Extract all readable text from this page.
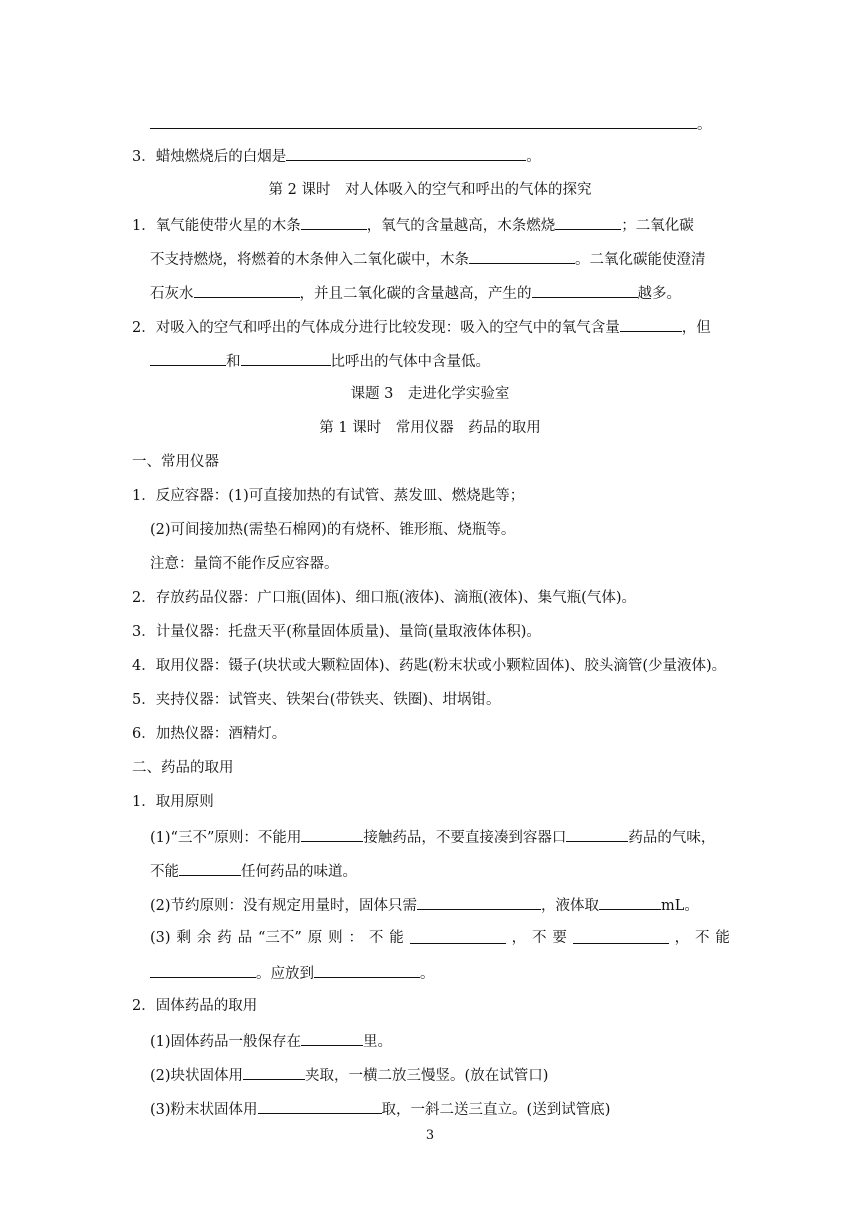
。
3．蜡烛燃烧后的白烟是	。
第 2 课时　对人体吸入的空气和呼出的气体的探究
1．氧气能使带火星的木条	，氧气的含量越高，木条燃烧	；二氧化碳
不支持燃烧，将燃着的木条伸入二氧化碳中，木条	。二氧化碳能使澄清
石灰水	，并且二氧化碳的含量越高，产生的	越多。
2．对吸入的空气和呼出的气体成分进行比较发现：吸入的空气中的氧气含量	，但
和	比呼出的气体中含量低。
课题 3　走进化学实验室
第 1 课时　常用仪器　药品的取用
一、常用仪器
1．反应容器：(1)可直接加热的有试管、蒸发皿、燃烧匙等；
(2)可间接加热(需垫石棉网)的有烧杯、锥形瓶、烧瓶等。
注意：量筒不能作反应容器。
2．存放药品仪器：广口瓶(固体)、细口瓶(液体)、滴瓶(液体)、集气瓶(气体)。
3．计量仪器：托盘天平(称量固体质量)、量筒(量取液体体积)。
4．取用仪器：镊子(块状或大颗粒固体)、药匙(粉末状或小颗粒固体)、胶头滴管(少量液体)。
5．夹持仪器：试管夹、铁架台(带铁夹、铁圈)、坩埚钳。
6．加热仪器：酒精灯。
二、药品的取用
1．取用原则
(1)“三不”原则：不能用	接触药品，不要直接凑到容器口	药品的气味，
不能	任何药品的味道。
(2)节约原则：没有规定用量时，固体只需	，液体取	mL。
(3) 剩 余 药 品 “三不” 原 则 ： 不 能	， 不 要	， 不 能
。应放到	。
2．固体药品的取用
(1)固体药品一般保存在	里。
(2)块状固体用	夹取，一横二放三慢竖。(放在试管口)
(3)粉末状固体用	取，一斜二送三直立。(送到试管底)
3
